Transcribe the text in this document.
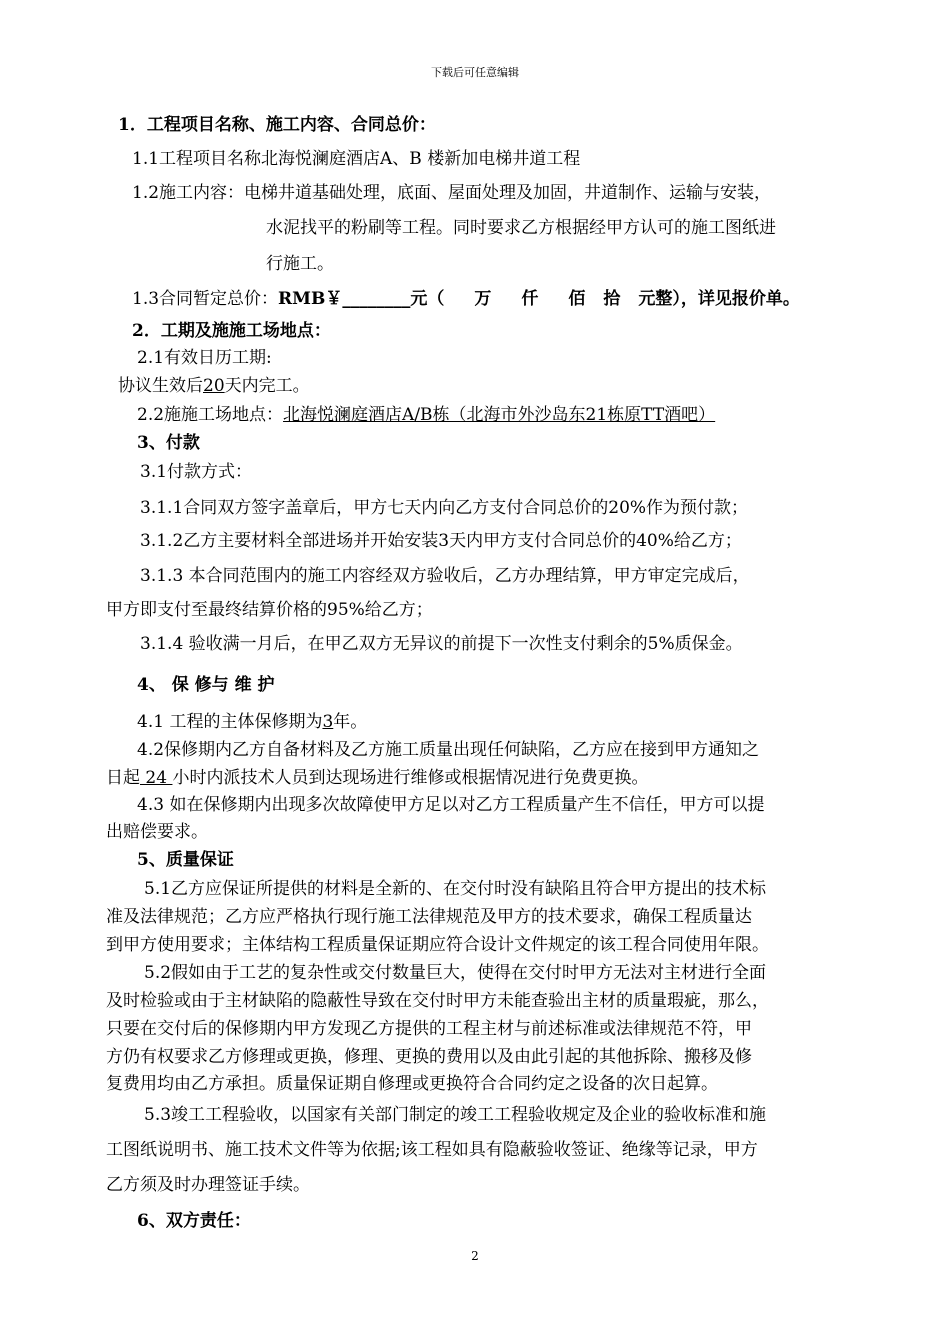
下载后可任意编辑
1．工程项目名称、施工内容、合同总价：
1.1工程项目名称北海悦澜庭酒店A、B 楼新加电梯井道工程
1.2施工内容：电梯井道基础处理，底面、屋面处理及加固，井道制作、运输与安装，
水泥找平的粉刷等工程。同时要求乙方根据经甲方认可的施工图纸进
行施工。
1.3合同暂定总价：RMB￥________元（ 万 仟 佰 拾 元整），详见报价单。
2．工期及施施工场地点：
2.1有效日历工期:
协议生效后20天内完工。
2.2施施工场地点：北海悦澜庭酒店A/B栋（北海市外沙岛东21栋原TT酒吧）
3、付款
3.1付款方式：
3.1.1合同双方签字盖章后，甲方七天内向乙方支付合同总价的20%作为预付款；
3.1.2乙方主要材料全部进场并开始安装3天内甲方支付合同总价的40%给乙方；
3.1.3 本合同范围内的施工内容经双方验收后，乙方办理结算，甲方审定完成后，
甲方即支付至最终结算价格的95%给乙方；
3.1.4 验收满一月后，在甲乙双方无异议的前提下一次性支付剩余的5%质保金。
4、 保 修与 维 护
4.1 工程的主体保修期为3年。
4.2保修期内乙方自备材料及乙方施工质量出现任何缺陷，乙方应在接到甲方通知之
日起 24 小时内派技术人员到达现场进行维修或根据情况进行免费更换。
4.3 如在保修期内出现多次故障使甲方足以对乙方工程质量产生不信任，甲方可以提
出赔偿要求。
5、质量保证
5.1乙方应保证所提供的材料是全新的、在交付时没有缺陷且符合甲方提出的技术标
准及法律规范；乙方应严格执行现行施工法律规范及甲方的技术要求，确保工程质量达
到甲方使用要求；主体结构工程质量保证期应符合设计文件规定的该工程合同使用年限。
5.2假如由于工艺的复杂性或交付数量巨大，使得在交付时甲方无法对主材进行全面
及时检验或由于主材缺陷的隐蔽性导致在交付时甲方未能查验出主材的质量瑕疵，那么，
只要在交付后的保修期内甲方发现乙方提供的工程主材与前述标准或法律规范不符，甲
方仍有权要求乙方修理或更换，修理、更换的费用以及由此引起的其他拆除、搬移及修
复费用均由乙方承担。质量保证期自修理或更换符合合同约定之设备的次日起算。
5.3竣工工程验收，以国家有关部门制定的竣工工程验收规定及企业的验收标准和施
工图纸说明书、施工技术文件等为依据;该工程如具有隐蔽验收签证、绝缘等记录，甲方
乙方须及时办理签证手续。
6、双方责任：
2
